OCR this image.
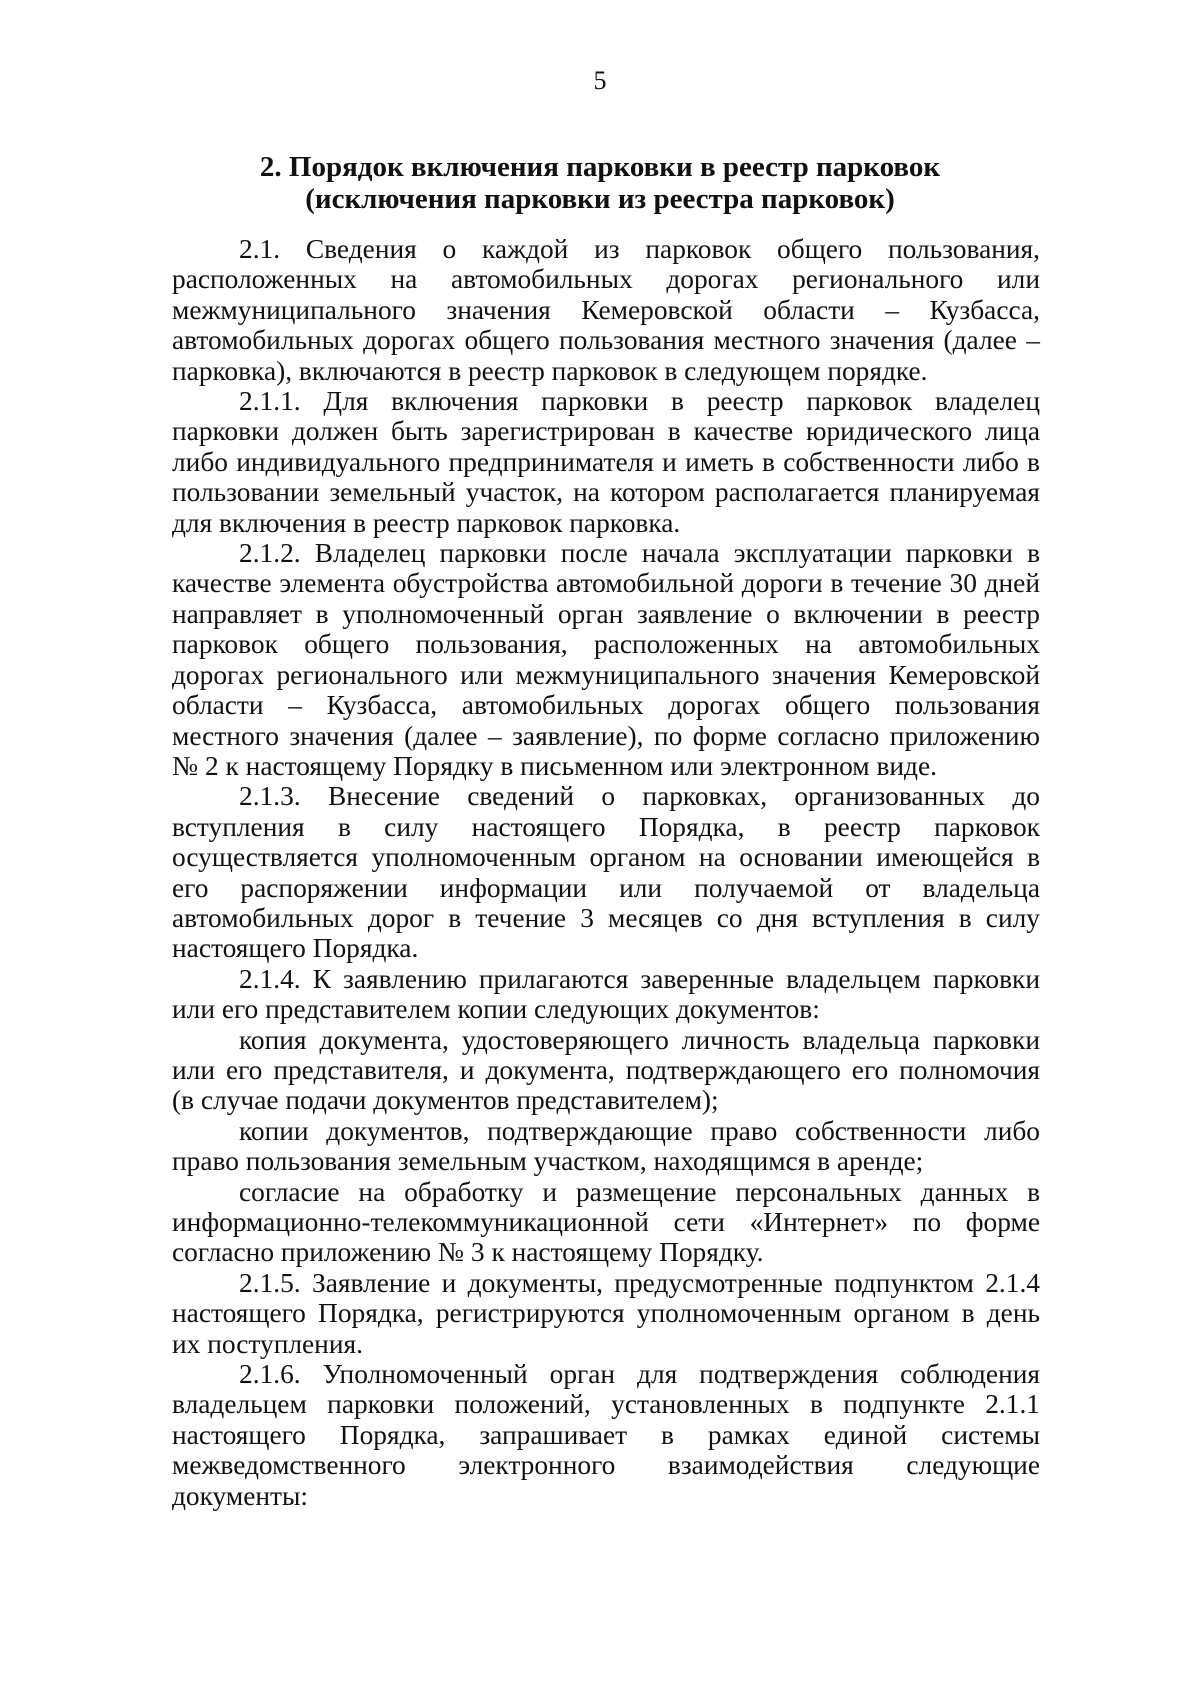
5
2. Порядок включения парковки в реестр парковок
(исключения парковки из реестра парковок)

2.1. Сведения о каждой из парковок общего пользования, расположенных на автомобильных дорогах регионального или межмуниципального значения Кемеровской области – Кузбасса, автомобильных дорогах общего пользования местного значения (далее – парковка), включаются в реестр парковок в следующем порядке.

2.1.1. Для включения парковки в реестр парковок владелец парковки должен быть зарегистрирован в качестве юридического лица либо индивидуального предпринимателя и иметь в собственности либо в пользовании земельный участок, на котором располагается планируемая для включения в реестр парковок парковка.

2.1.2. Владелец парковки после начала эксплуатации парковки в качестве элемента обустройства автомобильной дороги в течение 30 дней направляет в уполномоченный орган заявление о включении в реестр парковок общего пользования, расположенных на автомобильных дорогах регионального или межмуниципального значения Кемеровской области – Кузбасса, автомобильных дорогах общего пользования местного значения (далее – заявление), по форме согласно приложению № 2 к настоящему Порядку в письменном или электронном виде.

2.1.3. Внесение сведений о парковках, организованных до вступления в силу настоящего Порядка, в реестр парковок осуществляется уполномоченным органом на основании имеющейся в его распоряжении информации или получаемой от владельца автомобильных дорог в течение 3 месяцев со дня вступления в силу настоящего Порядка.

2.1.4. К заявлению прилагаются заверенные владельцем парковки или его представителем копии следующих документов:

копия документа, удостоверяющего личность владельца парковки или его представителя, и документа, подтверждающего его полномочия (в случае подачи документов представителем);

копии документов, подтверждающие право собственности либо право пользования земельным участком, находящимся в аренде;

согласие на обработку и размещение персональных данных в информационно-телекоммуникационной сети «Интернет» по форме согласно приложению № 3 к настоящему Порядку.

2.1.5. Заявление и документы, предусмотренные подпунктом 2.1.4 настоящего Порядка, регистрируются уполномоченным органом в день их поступления.

2.1.6. Уполномоченный орган для подтверждения соблюдения владельцем парковки положений, установленных в подпункте 2.1.1 настоящего Порядка, запрашивает в рамках единой системы межведомственного электронного взаимодействия следующие документы:
